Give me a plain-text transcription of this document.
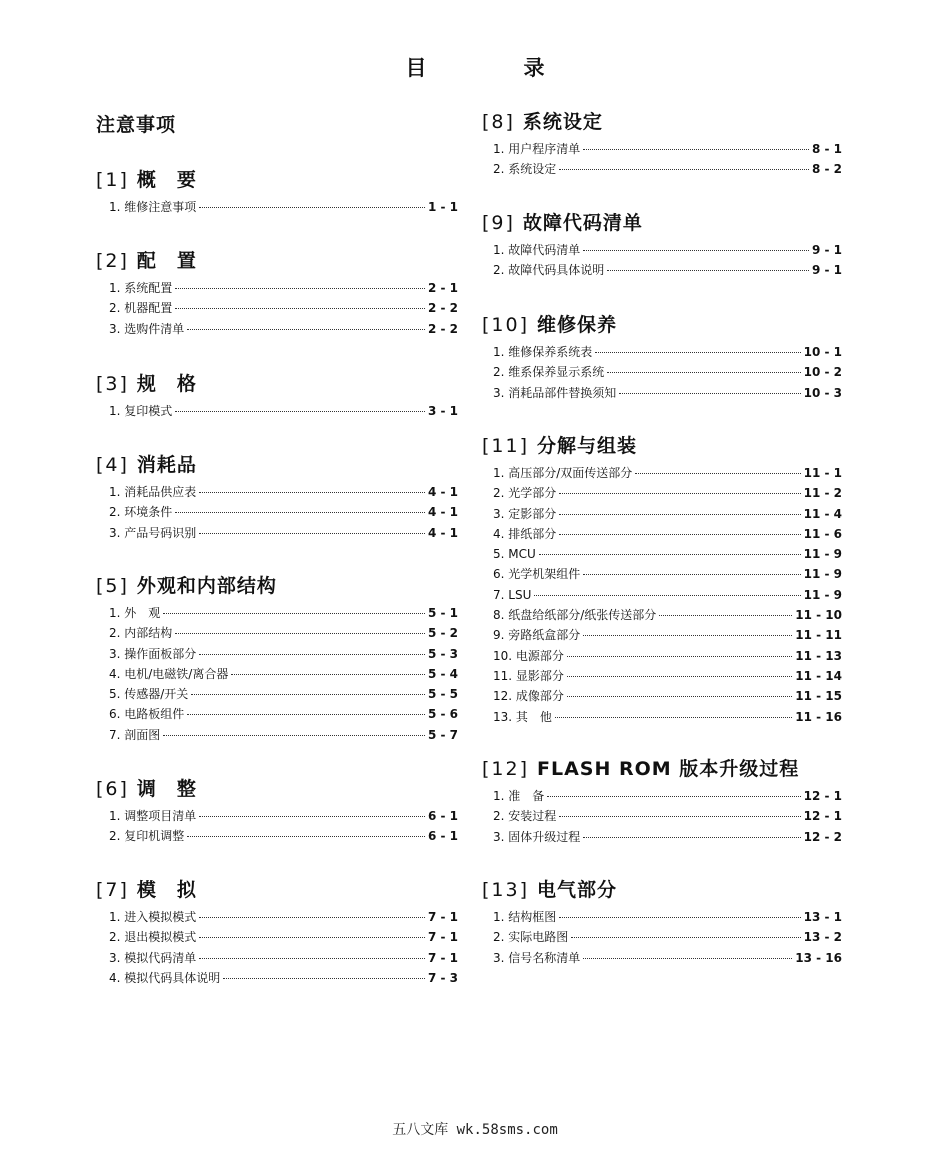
目　录
注意事项
[1] 概　要
1. 维修注意事项	1 - 1
[2] 配　置
1. 系统配置	2 - 1
2. 机器配置	2 - 2
3. 选购件清单	2 - 2
[3] 规　格
1. 复印模式	3 - 1
[4] 消耗品
1. 消耗品供应表	4 - 1
2. 环境条件	4 - 1
3. 产品号码识别	4 - 1
[5] 外观和内部结构
1. 外　观	5 - 1
2. 内部结构	5 - 2
3. 操作面板部分	5 - 3
4. 电机/电磁铁/离合器	5 - 4
5. 传感器/开关	5 - 5
6. 电路板组件	5 - 6
7. 剖面图	5 - 7
[6] 调　整
1. 调整项目清单	6 - 1
2. 复印机调整	6 - 1
[7] 模　拟
1. 进入模拟模式	7 - 1
2. 退出模拟模式	7 - 1
3. 模拟代码清单	7 - 1
4. 模拟代码具体说明	7 - 3
[8] 系统设定
1. 用户程序清单	8 - 1
2. 系统设定	8 - 2
[9] 故障代码清单
1. 故障代码清单	9 - 1
2. 故障代码具体说明	9 - 1
[10] 维修保养
1. 维修保养系统表	10 - 1
2. 维系保养显示系统	10 - 2
3. 消耗品部件替换须知	10 - 3
[11] 分解与组装
1. 高压部分/双面传送部分	11 - 1
2. 光学部分	11 - 2
3. 定影部分	11 - 4
4. 排纸部分	11 - 6
5. MCU	11 - 9
6. 光学机架组件	11 - 9
7. LSU	11 - 9
8. 纸盘给纸部分/纸张传送部分	11 - 10
9. 旁路纸盒部分	11 - 11
10. 电源部分	11 - 13
11. 显影部分	11 - 14
12. 成像部分	11 - 15
13. 其　他	11 - 16
[12] FLASH ROM 版本升级过程
1. 准　备	12 - 1
2. 安装过程	12 - 1
3. 固体升级过程	12 - 2
[13] 电气部分
1. 结构框图	13 - 1
2. 实际电路图	13 - 2
3. 信号名称清单	13 - 16
五八文库 wk.58sms.com
